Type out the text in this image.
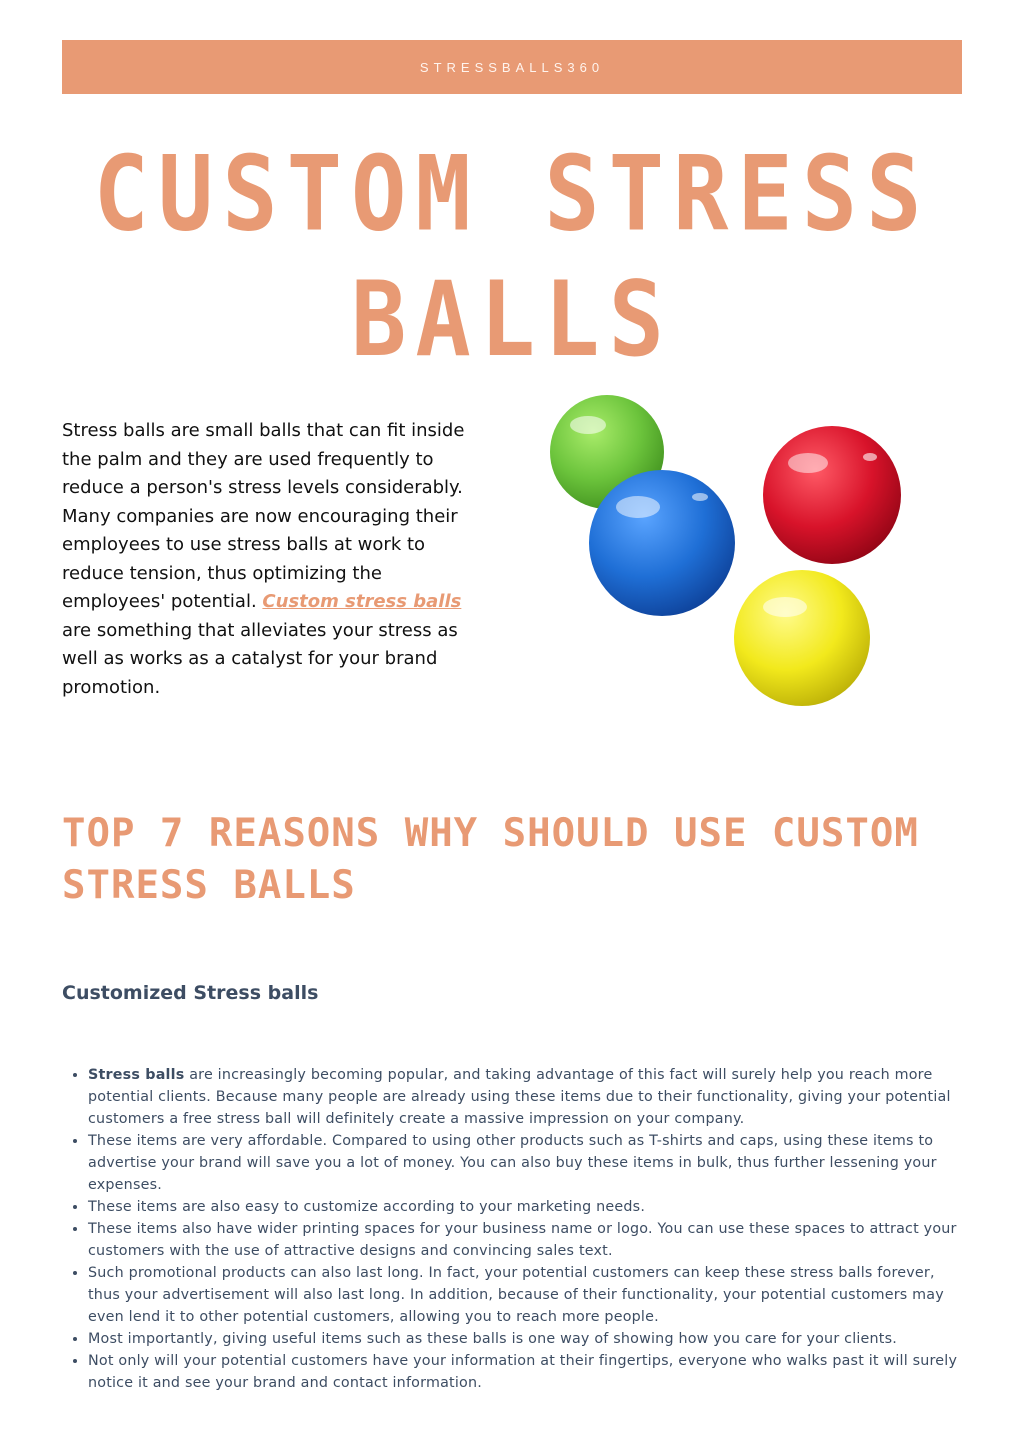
STRESSBALLS360
CUSTOM STRESS
BALLS
Stress balls are small balls that can fit inside the palm and they are used frequently to reduce a person's stress levels considerably. Many companies are now encouraging their employees to use stress balls at work to reduce tension, thus optimizing the employees' potential. Custom stress balls are something that alleviates your stress as well as works as a catalyst for your brand promotion.
TOP 7 REASONS WHY SHOULD USE CUSTOM STRESS BALLS
Customized Stress balls
• Stress balls are increasingly becoming popular, and taking advantage of this fact will surely help you reach more potential clients. Because many people are already using these items due to their functionality, giving your potential customers a free stress ball will definitely create a massive impression on your company.
• These items are very affordable. Compared to using other products such as T-shirts and caps, using these items to advertise your brand will save you a lot of money. You can also buy these items in bulk, thus further lessening your expenses.
• These items are also easy to customize according to your marketing needs.
• These items also have wider printing spaces for your business name or logo. You can use these spaces to attract your customers with the use of attractive designs and convincing sales text.
• Such promotional products can also last long. In fact, your potential customers can keep these stress balls forever, thus your advertisement will also last long. In addition, because of their functionality, your potential customers may even lend it to other potential customers, allowing you to reach more people.
• Most importantly, giving useful items such as these balls is one way of showing how you care for your clients.
• Not only will your potential customers have your information at their fingertips, everyone who walks past it will surely notice it and see your brand and contact information.
